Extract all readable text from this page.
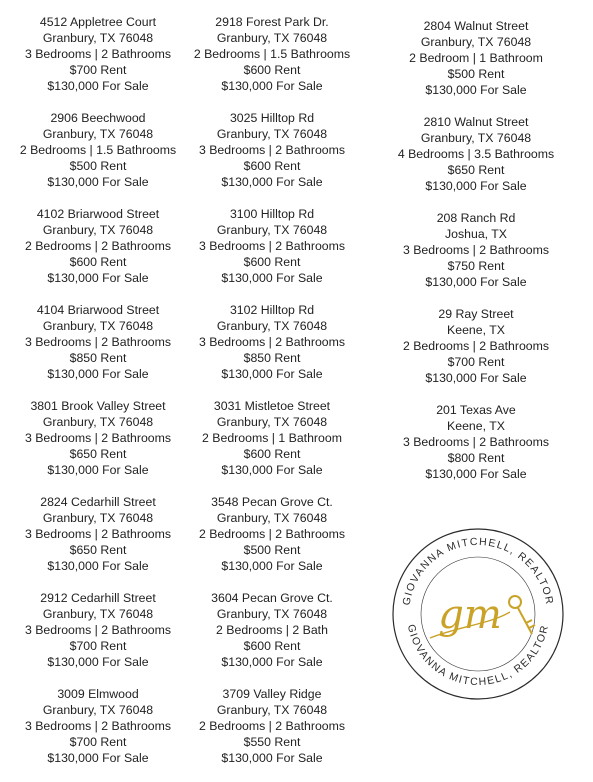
4512 Appletree Court
Granbury, TX 76048
3 Bedrooms | 2 Bathrooms
$700 Rent
$130,000 For Sale
2906 Beechwood
Granbury, TX 76048
2 Bedrooms | 1.5 Bathrooms
$500 Rent
$130,000 For Sale
4102 Briarwood Street
Granbury, TX 76048
2 Bedrooms | 2 Bathrooms
$600 Rent
$130,000 For Sale
4104 Briarwood Street
Granbury, TX 76048
3 Bedrooms | 2 Bathrooms
$850 Rent
$130,000 For Sale
3801 Brook Valley Street
Granbury, TX 76048
3 Bedrooms | 2 Bathrooms
$650 Rent
$130,000 For Sale
2824 Cedarhill Street
Granbury, TX 76048
3 Bedrooms | 2 Bathrooms
$650 Rent
$130,000 For Sale
2912 Cedarhill Street
Granbury, TX 76048
3 Bedrooms | 2 Bathrooms
$700 Rent
$130,000 For Sale
3009 Elmwood
Granbury, TX 76048
3 Bedrooms | 2 Bathrooms
$700 Rent
$130,000 For Sale
2918 Forest Park Dr.
Granbury, TX 76048
2 Bedrooms | 1.5 Bathrooms
$600 Rent
$130,000 For Sale
3025 Hilltop Rd
Granbury, TX 76048
3 Bedrooms | 2 Bathrooms
$600 Rent
$130,000 For Sale
3100 Hilltop Rd
Granbury, TX 76048
3 Bedrooms | 2 Bathrooms
$600 Rent
$130,000 For Sale
3102 Hilltop Rd
Granbury, TX 76048
3 Bedrooms | 2 Bathrooms
$850 Rent
$130,000 For Sale
3031 Mistletoe Street
Granbury, TX 76048
2 Bedrooms | 1 Bathroom
$600 Rent
$130,000 For Sale
3548 Pecan Grove Ct.
Granbury, TX 76048
2 Bedrooms | 2 Bathrooms
$500 Rent
$130,000 For Sale
3604 Pecan Grove Ct.
Granbury, TX 76048
2 Bedrooms | 2 Bath
$600 Rent
$130,000 For Sale
3709 Valley Ridge
Granbury, TX 76048
2 Bedrooms | 2 Bathrooms
$550 Rent
$130,000 For Sale
2804 Walnut Street
Granbury, TX 76048
2 Bedroom | 1 Bathroom
$500 Rent
$130,000 For Sale
2810 Walnut Street
Granbury, TX 76048
4 Bedrooms | 3.5 Bathrooms
$650 Rent
$130,000 For Sale
208 Ranch Rd
Joshua, TX
3 Bedrooms | 2 Bathrooms
$750 Rent
$130,000 For Sale
29 Ray Street
Keene, TX
2 Bedrooms | 2 Bathrooms
$700 Rent
$130,000 For Sale
201 Texas Ave
Keene, TX
3 Bedrooms | 2 Bathrooms
$800 Rent
$130,000 For Sale
GIOVANNA MITCHELL, REALTOR
GIOVANNA MITCHELL, REALTOR
gm
